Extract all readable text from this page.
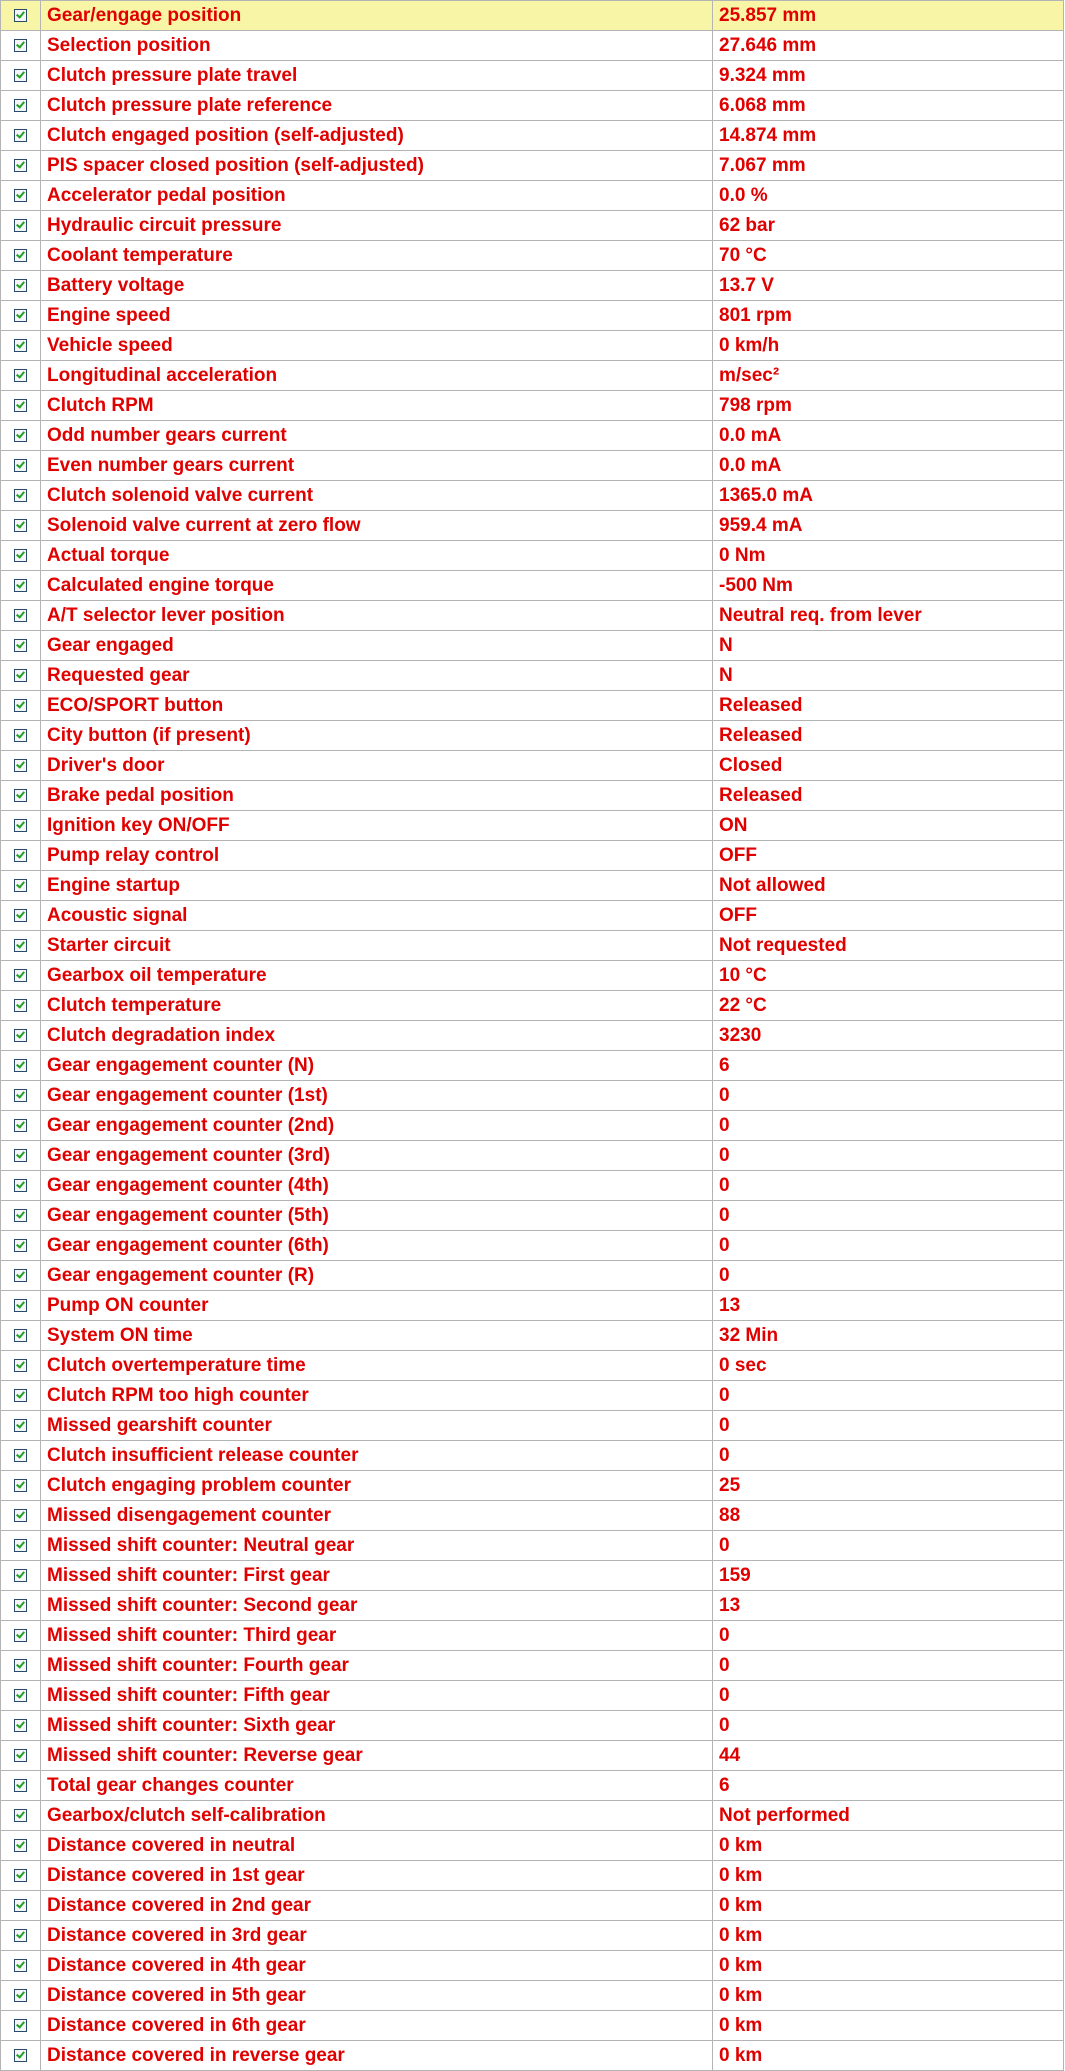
	Gear/engage position	25.857 mm
	Selection position	27.646 mm
	Clutch pressure plate travel	9.324 mm
	Clutch pressure plate reference	6.068 mm
	Clutch engaged position (self-adjusted)	14.874 mm
	PIS spacer closed position (self-adjusted)	7.067 mm
	Accelerator pedal position	0.0 %
	Hydraulic circuit pressure	62 bar
	Coolant temperature	70 °C
	Battery voltage	13.7 V
	Engine speed	801 rpm
	Vehicle speed	0 km/h
	Longitudinal acceleration	m/sec²
	Clutch RPM	798 rpm
	Odd number gears current	0.0 mA
	Even number gears current	0.0 mA
	Clutch solenoid valve current	1365.0 mA
	Solenoid valve current at zero flow	959.4 mA
	Actual torque	0 Nm
	Calculated engine torque	-500 Nm
	A/T selector lever position	Neutral req. from lever
	Gear engaged	N
	Requested gear	N
	ECO/SPORT button	Released
	City button (if present)	Released
	Driver's door	Closed
	Brake pedal position	Released
	Ignition key ON/OFF	ON
	Pump relay control	OFF
	Engine startup	Not allowed
	Acoustic signal	OFF
	Starter circuit	Not requested
	Gearbox oil temperature	10 °C
	Clutch temperature	22 °C
	Clutch degradation index	3230
	Gear engagement counter (N)	6
	Gear engagement counter (1st)	0
	Gear engagement counter (2nd)	0
	Gear engagement counter (3rd)	0
	Gear engagement counter (4th)	0
	Gear engagement counter (5th)	0
	Gear engagement counter (6th)	0
	Gear engagement counter (R)	0
	Pump ON counter	13
	System ON time	32 Min
	Clutch overtemperature time	0 sec
	Clutch RPM too high counter	0
	Missed gearshift counter	0
	Clutch insufficient release counter	0
	Clutch engaging problem counter	25
	Missed disengagement counter	88
	Missed shift counter: Neutral gear	0
	Missed shift counter: First gear	159
	Missed shift counter: Second gear	13
	Missed shift counter: Third gear	0
	Missed shift counter: Fourth gear	0
	Missed shift counter: Fifth gear	0
	Missed shift counter: Sixth gear	0
	Missed shift counter: Reverse gear	44
	Total gear changes counter	6
	Gearbox/clutch self-calibration	Not performed
	Distance covered in neutral	0 km
	Distance covered in 1st gear	0 km
	Distance covered in 2nd gear	0 km
	Distance covered in 3rd gear	0 km
	Distance covered in 4th gear	0 km
	Distance covered in 5th gear	0 km
	Distance covered in 6th gear	0 km
	Distance covered in reverse gear	0 km
